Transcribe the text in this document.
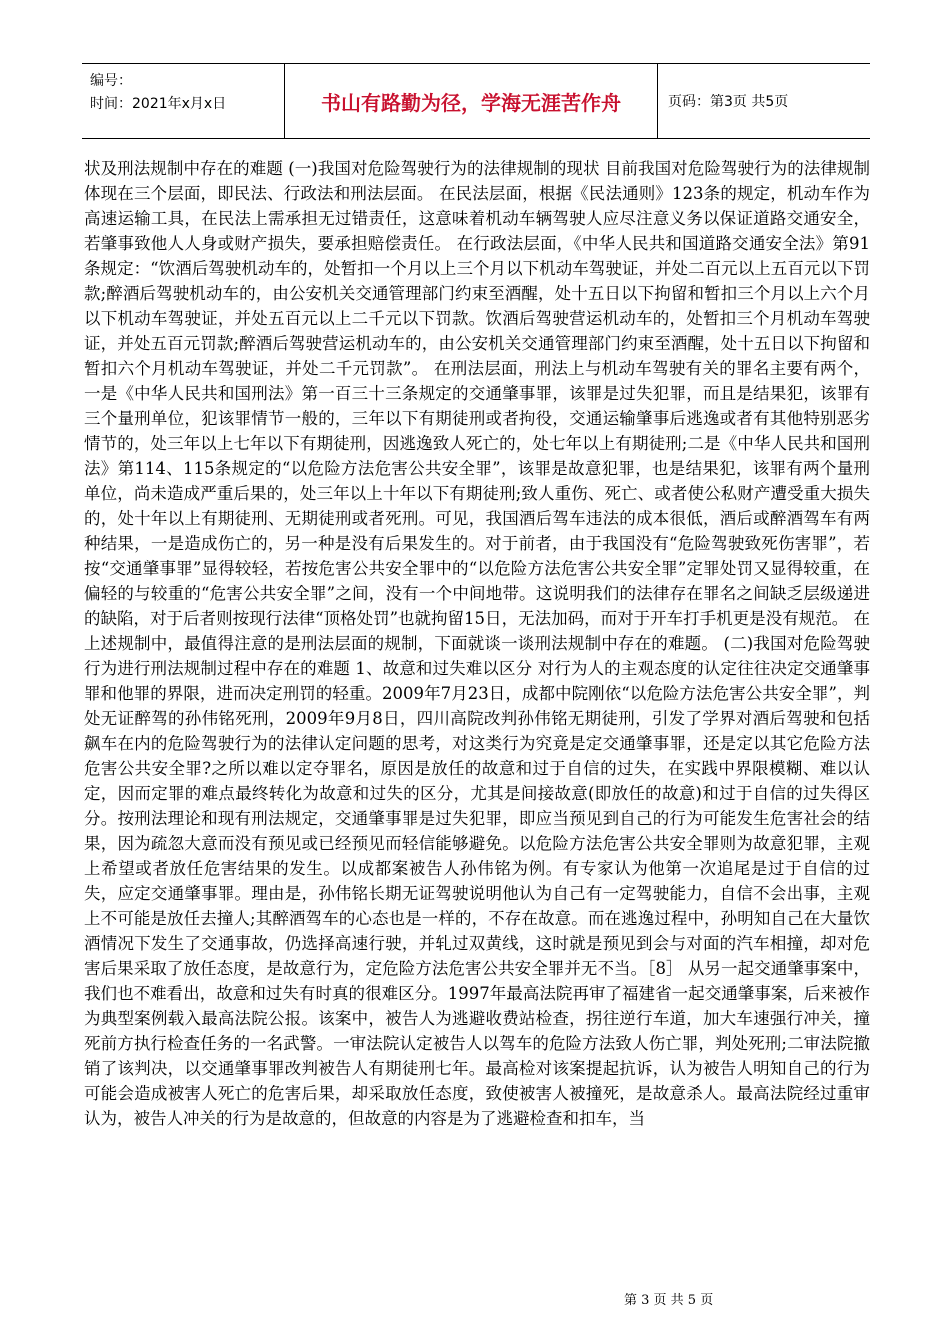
编号：
时间：2021年x月x日	书山有路勤为径，学海无涯苦作舟	页码：第3页 共5页

状及刑法规制中存在的难题 (一)我国对危险驾驶行为的法律规制的现状 目前我国对危险驾驶行为的法律规制体现在三个层面，即民法、行政法和刑法层面。 在民法层面，根据《民法通则》123条的规定，机动车作为高速运输工具，在民法上需承担无过错责任，这意味着机动车辆驾驶人应尽注意义务以保证道路交通安全，若肇事致他人人身或财产损失，要承担赔偿责任。 在行政法层面，《中华人民共和国道路交通安全法》第91条规定：“饮酒后驾驶机动车的，处暂扣一个月以上三个月以下机动车驾驶证，并处二百元以上五百元以下罚款;醉酒后驾驶机动车的，由公安机关交通管理部门约束至酒醒，处十五日以下拘留和暂扣三个月以上六个月以下机动车驾驶证，并处五百元以上二千元以下罚款。饮酒后驾驶营运机动车的，处暂扣三个月机动车驾驶证，并处五百元罚款;醉酒后驾驶营运机动车的，由公安机关交通管理部门约束至酒醒，处十五日以下拘留和暂扣六个月机动车驾驶证，并处二千元罚款”。 在刑法层面，刑法上与机动车驾驶有关的罪名主要有两个，一是《中华人民共和国刑法》第一百三十三条规定的交通肇事罪，该罪是过失犯罪，而且是结果犯，该罪有三个量刑单位，犯该罪情节一般的，三年以下有期徒刑或者拘役，交通运输肇事后逃逸或者有其他特别恶劣情节的，处三年以上七年以下有期徒刑，因逃逸致人死亡的，处七年以上有期徒刑;二是《中华人民共和国刑法》第114、115条规定的“以危险方法危害公共安全罪”，该罪是故意犯罪，也是结果犯，该罪有两个量刑单位，尚未造成严重后果的，处三年以上十年以下有期徒刑;致人重伤、死亡、或者使公私财产遭受重大损失的，处十年以上有期徒刑、无期徒刑或者死刑。可见，我国酒后驾车违法的成本很低，酒后或醉酒驾车有两种结果，一是造成伤亡的，另一种是没有后果发生的。对于前者，由于我国没有“危险驾驶致死伤害罪”，若按“交通肇事罪”显得较轻，若按危害公共安全罪中的“以危险方法危害公共安全罪”定罪处罚又显得较重，在偏轻的与较重的“危害公共安全罪”之间，没有一个中间地带。这说明我们的法律存在罪名之间缺乏层级递进的缺陷，对于后者则按现行法律“顶格处罚”也就拘留15日，无法加码，而对于开车打手机更是没有规范。 在上述规制中，最值得注意的是刑法层面的规制，下面就谈一谈刑法规制中存在的难题。 (二)我国对危险驾驶行为进行刑法规制过程中存在的难题 1、故意和过失难以区分 对行为人的主观态度的认定往往决定交通肇事罪和他罪的界限，进而决定刑罚的轻重。2009年7月23日，成都中院刚依“以危险方法危害公共安全罪”，判处无证醉驾的孙伟铭死刑，2009年9月8日，四川高院改判孙伟铭无期徒刑，引发了学界对酒后驾驶和包括飙车在内的危险驾驶行为的法律认定问题的思考，对这类行为究竟是定交通肇事罪，还是定以其它危险方法危害公共安全罪?之所以难以定夺罪名，原因是放任的故意和过于自信的过失，在实践中界限模糊、难以认定，因而定罪的难点最终转化为故意和过失的区分，尤其是间接故意(即放任的故意)和过于自信的过失得区分。按刑法理论和现有刑法规定，交通肇事罪是过失犯罪，即应当预见到自己的行为可能发生危害社会的结果，因为疏忽大意而没有预见或已经预见而轻信能够避免。以危险方法危害公共安全罪则为故意犯罪，主观上希望或者放任危害结果的发生。以成都案被告人孙伟铭为例。有专家认为他第一次追尾是过于自信的过失，应定交通肇事罪。理由是，孙伟铭长期无证驾驶说明他认为自己有一定驾驶能力，自信不会出事，主观上不可能是放任去撞人;其醉酒驾车的心态也是一样的，不存在故意。而在逃逸过程中，孙明知自己在大量饮酒情况下发生了交通事故，仍选择高速行驶，并轧过双黄线，这时就是预见到会与对面的汽车相撞，却对危害后果采取了放任态度，是故意行为，定危险方法危害公共安全罪并无不当。［8］ 从另一起交通肇事案中，我们也不难看出，故意和过失有时真的很难区分。1997年最高法院再审了福建省一起交通肇事案，后来被作为典型案例载入最高法院公报。该案中，被告人为逃避收费站检查，拐往逆行车道，加大车速强行冲关，撞死前方执行检查任务的一名武警。一审法院认定被告人以驾车的危险方法致人伤亡罪，判处死刑;二审法院撤销了该判决，以交通肇事罪改判被告人有期徒刑七年。最高检对该案提起抗诉，认为被告人明知自己的行为可能会造成被害人死亡的危害后果，却采取放任态度，致使被害人被撞死，是故意杀人。最高法院经过重审认为，被告人冲关的行为是故意的，但故意的内容是为了逃避检查和扣车，当

第 3 页 共 5 页
